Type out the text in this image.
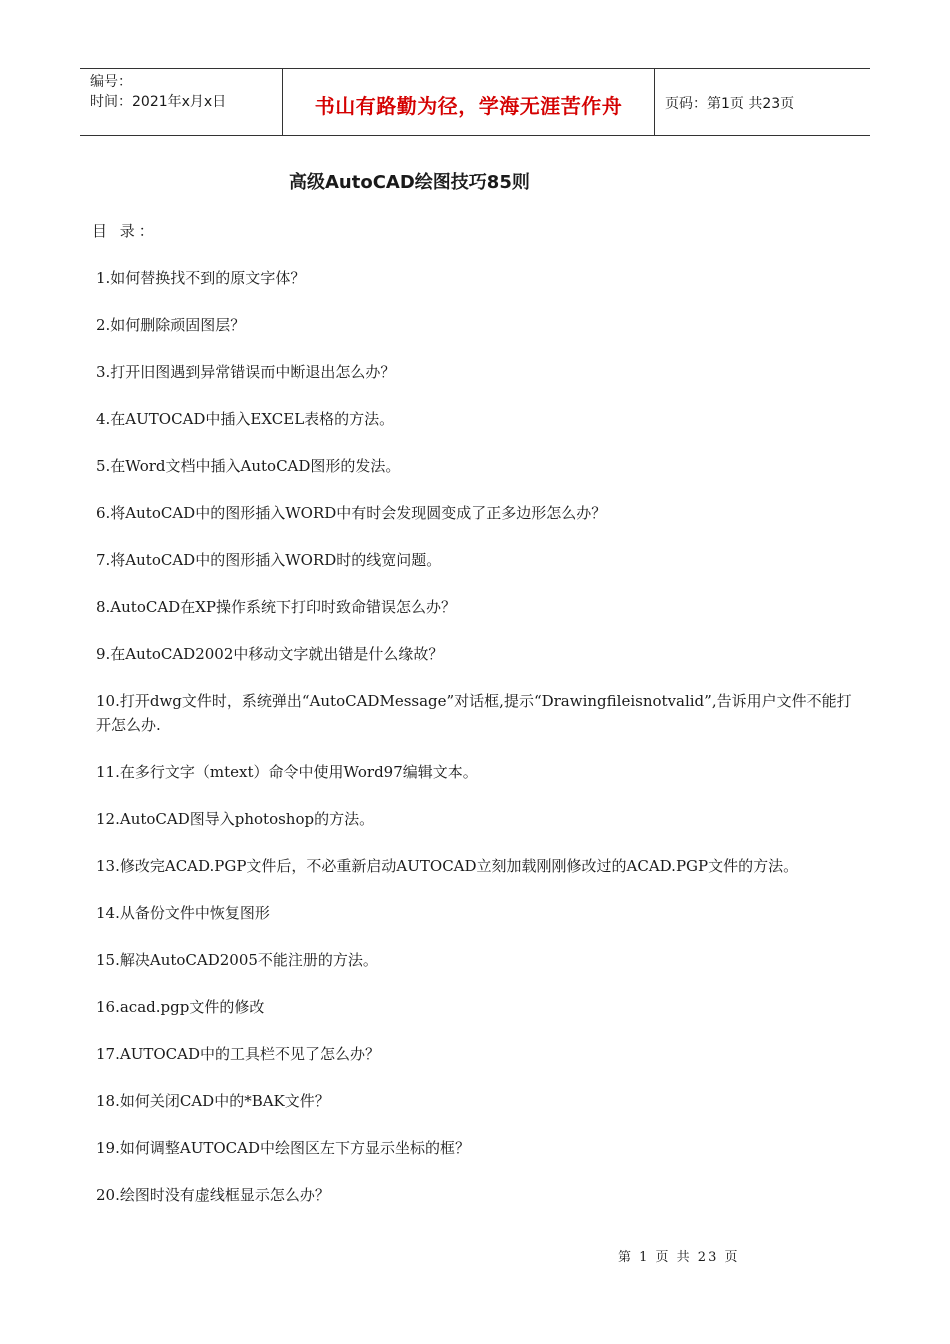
编号：
时间：2021年x月x日	书山有路勤为径，学海无涯苦作舟	页码：第1页 共23页
高级AutoCAD绘图技巧85则
目 录：
1.如何替换找不到的原文字体？
2.如何删除顽固图层？
3.打开旧图遇到异常错误而中断退出怎么办？
4.在AUTOCAD中插入EXCEL表格的方法。
5.在Word文档中插入AutoCAD图形的发法。
6.将AutoCAD中的图形插入WORD中有时会发现圆变成了正多边形怎么办？
7.将AutoCAD中的图形插入WORD时的线宽问题。
8.AutoCAD在XP操作系统下打印时致命错误怎么办？
9.在AutoCAD2002中移动文字就出错是什么缘故？
10.打开dwg文件时，系统弹出“AutoCADMessage”对话框,提示“Drawingfileisnotvalid”,告诉用户文件不能打开怎么办.
11.在多行文字（mtext）命令中使用Word97编辑文本。
12.AutoCAD图导入photoshop的方法。
13.修改完ACAD.PGP文件后，不必重新启动AUTOCAD立刻加载刚刚修改过的ACAD.PGP文件的方法。
14.从备份文件中恢复图形
15.解决AutoCAD2005不能注册的方法。
16.acad.pgp文件的修改
17.AUTOCAD中的工具栏不见了怎么办？
18.如何关闭CAD中的*BAK文件？
19.如何调整AUTOCAD中绘图区左下方显示坐标的框？
20.绘图时没有虚线框显示怎么办？
第 1 页 共 23 页
